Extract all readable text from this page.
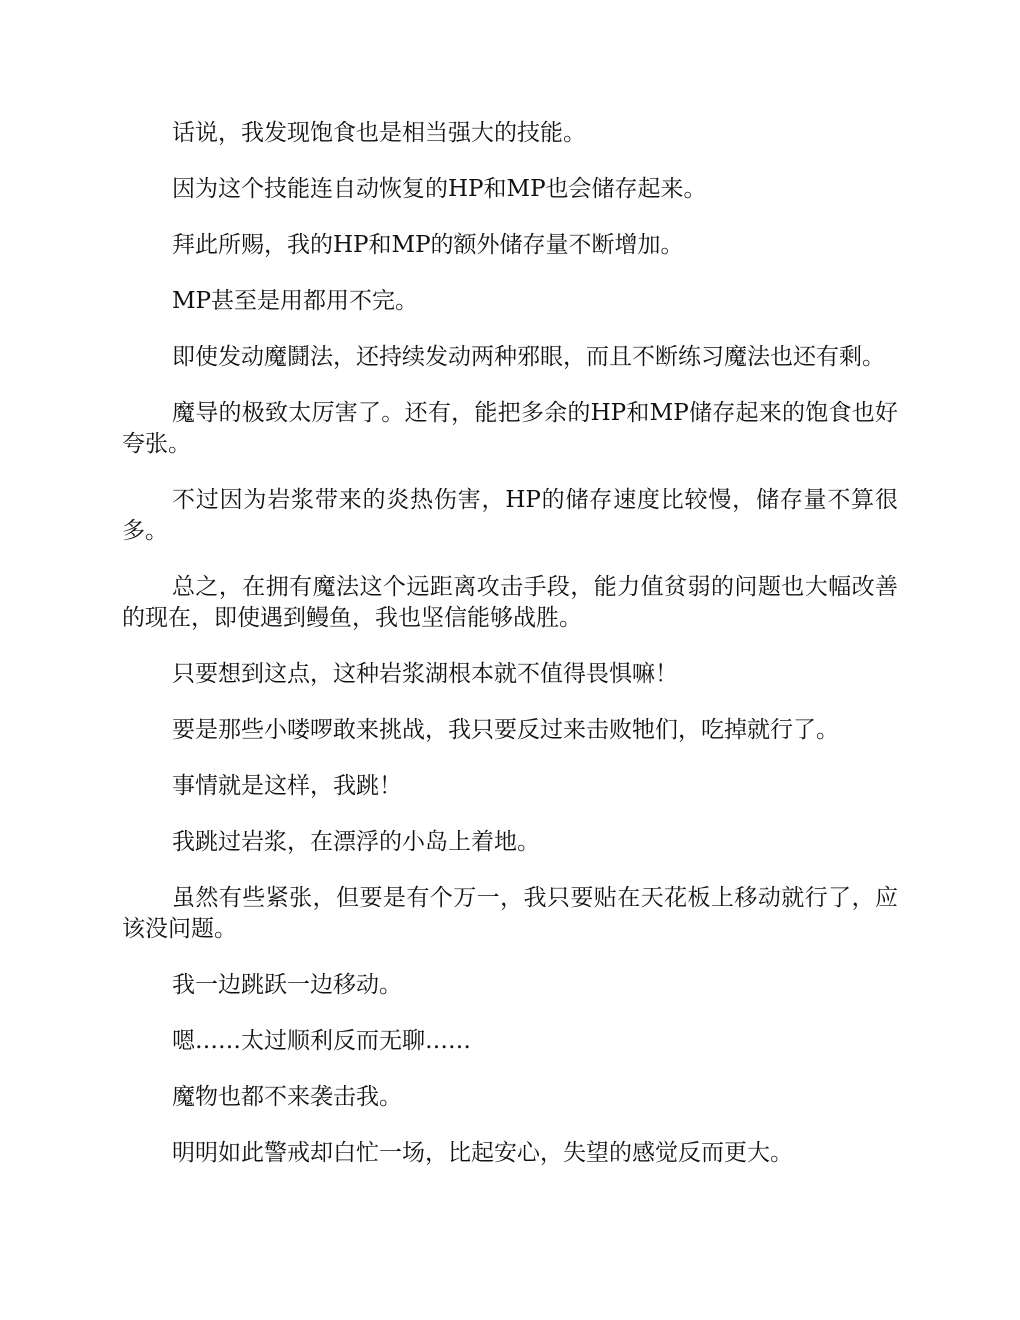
话说，我发现饱食也是相当强大的技能。

因为这个技能连自动恢复的HP和MP也会储存起来。

拜此所赐，我的HP和MP的额外储存量不断增加。

MP甚至是用都用不完。

即使发动魔鬪法，还持续发动两种邪眼，而且不断练习魔法也还有剩。

魔导的极致太厉害了。还有，能把多余的HP和MP储存起来的饱食也好夸张。

不过因为岩浆带来的炎热伤害，HP的储存速度比较慢，储存量不算很多。

总之，在拥有魔法这个远距离攻击手段，能力值贫弱的问题也大幅改善的现在，即使遇到鳗鱼，我也坚信能够战胜。

只要想到这点，这种岩浆湖根本就不值得畏惧嘛！

要是那些小喽啰敢来挑战，我只要反过来击败牠们，吃掉就行了。

事情就是这样，我跳！

我跳过岩浆，在漂浮的小岛上着地。

虽然有些紧张，但要是有个万一，我只要贴在天花板上移动就行了，应该没问题。

我一边跳跃一边移动。

嗯……太过顺利反而无聊……

魔物也都不来袭击我。

明明如此警戒却白忙一场，比起安心，失望的感觉反而更大。
